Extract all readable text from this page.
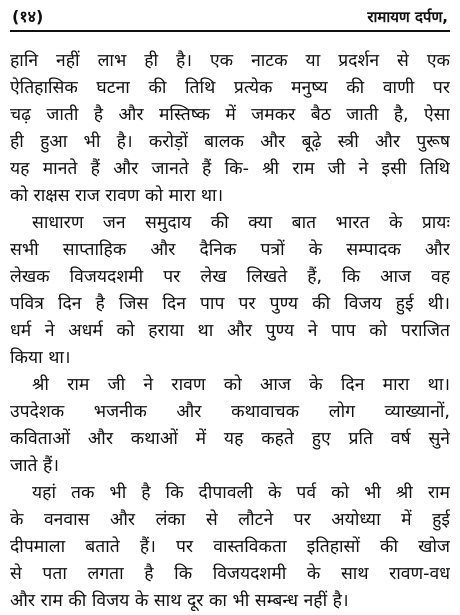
(१४)	रामायण दर्पण,

हानि नहीं लाभ ही है। एक नाटक या प्रदर्शन से एक
ऐतिहासिक घटना की तिथि प्रत्येक मनुष्य की वाणी पर
चढ़ जाती है और मस्तिष्क में जमकर बैठ जाती है, ऐसा
ही हुआ भी है। करोड़ों बालक और बूढ़े स्त्री और पुरूष
यह मानते हैं और जानते हैं कि- श्री राम जी ने इसी तिथि
को राक्षस राज रावण को मारा था।

साधारण जन समुदाय की क्या बात भारत के प्रायः
सभी साप्ताहिक और दैनिक पत्रों के सम्पादक और
लेखक विजयदशमी पर लेख लिखते हैं, कि आज वह
पवित्र दिन है जिस दिन पाप पर पुण्य की विजय हुई थी।
धर्म ने अधर्म को हराया था और पुण्य ने पाप को पराजित
किया था।

श्री राम जी ने रावण को आज के दिन मारा था।
उपदेशक भजनीक और कथावाचक लोग व्याख्यानों,
कविताओं और कथाओं में यह कहते हुए प्रति वर्ष सुने
जाते हैं।

यहां तक भी है कि दीपावली के पर्व को भी श्री राम
के वनवास और लंका से लौटने पर अयोध्या में हुई
दीपमाला बताते हैं। पर वास्तविकता इतिहासों की खोज
से पता लगता है कि विजयदशमी के साथ रावण-वध
और राम की विजय के साथ दूर का भी सम्बन्ध नहीं है।
